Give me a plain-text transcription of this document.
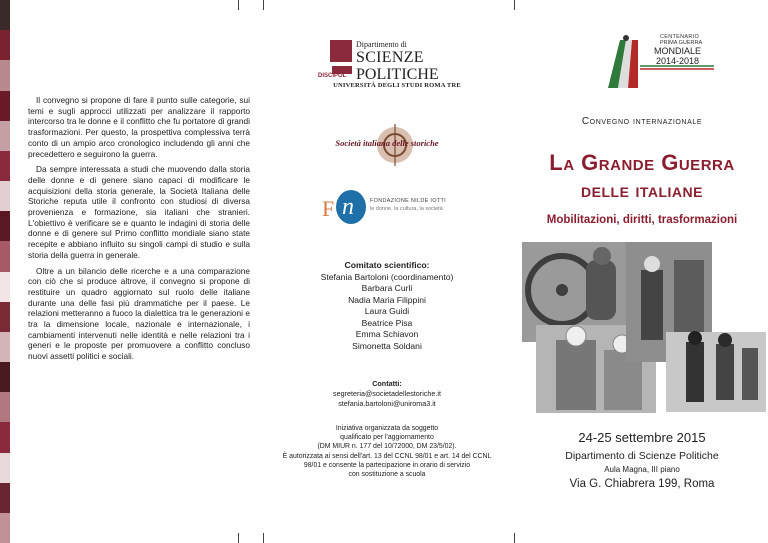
Il convegno si propone di fare il punto sulle categorie, sui temi e sugli approcci utilizzati per analizzare il rapporto intercorso tra le donne e il conflitto che fu portatore di grandi trasformazioni. Per questo, la prospettiva complessiva terrà conto di un ampio arco cronologico includendo gli anni che precedettero e seguirono la guerra.

Da sempre interessata a studi che muovendo dalla storia delle donne e di genere siano capaci di modificare le acquisizioni della storia generale, la Società Italiana delle Storiche reputa utile il confronto con studiosi di diversa provenienza e formazione, sia italiani che stranieri. L'obiettivo è verificare se e quanto le indagini di storia delle donne e di genere sul Primo conflitto mondiale siano state recepite e abbiano influito su singoli campi di studio e sulla storia della guerra in generale.

Oltre a un bilancio delle ricerche e a una comparazione con ciò che si produce altrove, il convegno si propone di restituire un quadro aggiornato sul ruolo delle italiane durante una delle fasi più drammatiche per il paese. Le relazioni metteranno a fuoco la dialettica tra le generazioni e tra la dimensione locale, nazionale e internazionale, i cambiamenti intervenuti nelle identità e nelle relazioni tra i generi e le proposte per promuovere a conflitto concluso nuovi assetti politici e sociali.

DISCIPOL
Dipartimento di
SCIENZE
POLITICHE
UNIVERSITÀ DEGLI STUDI ROMA TRE
Società italiana delle storiche
F n	FONDAZIONE NILDE IOTTI
le donne, la cultura, la società
Comitato scientifico:
Stefania Bartoloni (coordinamento)
Barbara Curli
Nadia Maria Filippini
Laura Guidi
Beatrice Pisa
Emma Schiavon
Simonetta Soldani
Contatti:
segreteria@societadellestoriche.it
stefania.bartoloni@uniroma3.it
Iniziativa organizzata da soggetto
qualificato per l'aggiornamento
(DM MIUR n. 177 del 10/72000, DM 23/5/02).
È autorizzata ai sensi dell'art. 13 del CCNL 98/01 e art. 14 del CCNL
98/01 e consente la partecipazione in orario di servizio
con sostituzione a scuola
CENTENARIO
PRIMA GUERRA
MONDIALE
2014-2018
Convegno internazionale
La Grande Guerra
delle italiane
Mobilitazioni, diritti, trasformazioni
24-25 settembre 2015
Dipartimento di Scienze Politiche
Aula Magna, III piano
Via G. Chiabrera 199, Roma
